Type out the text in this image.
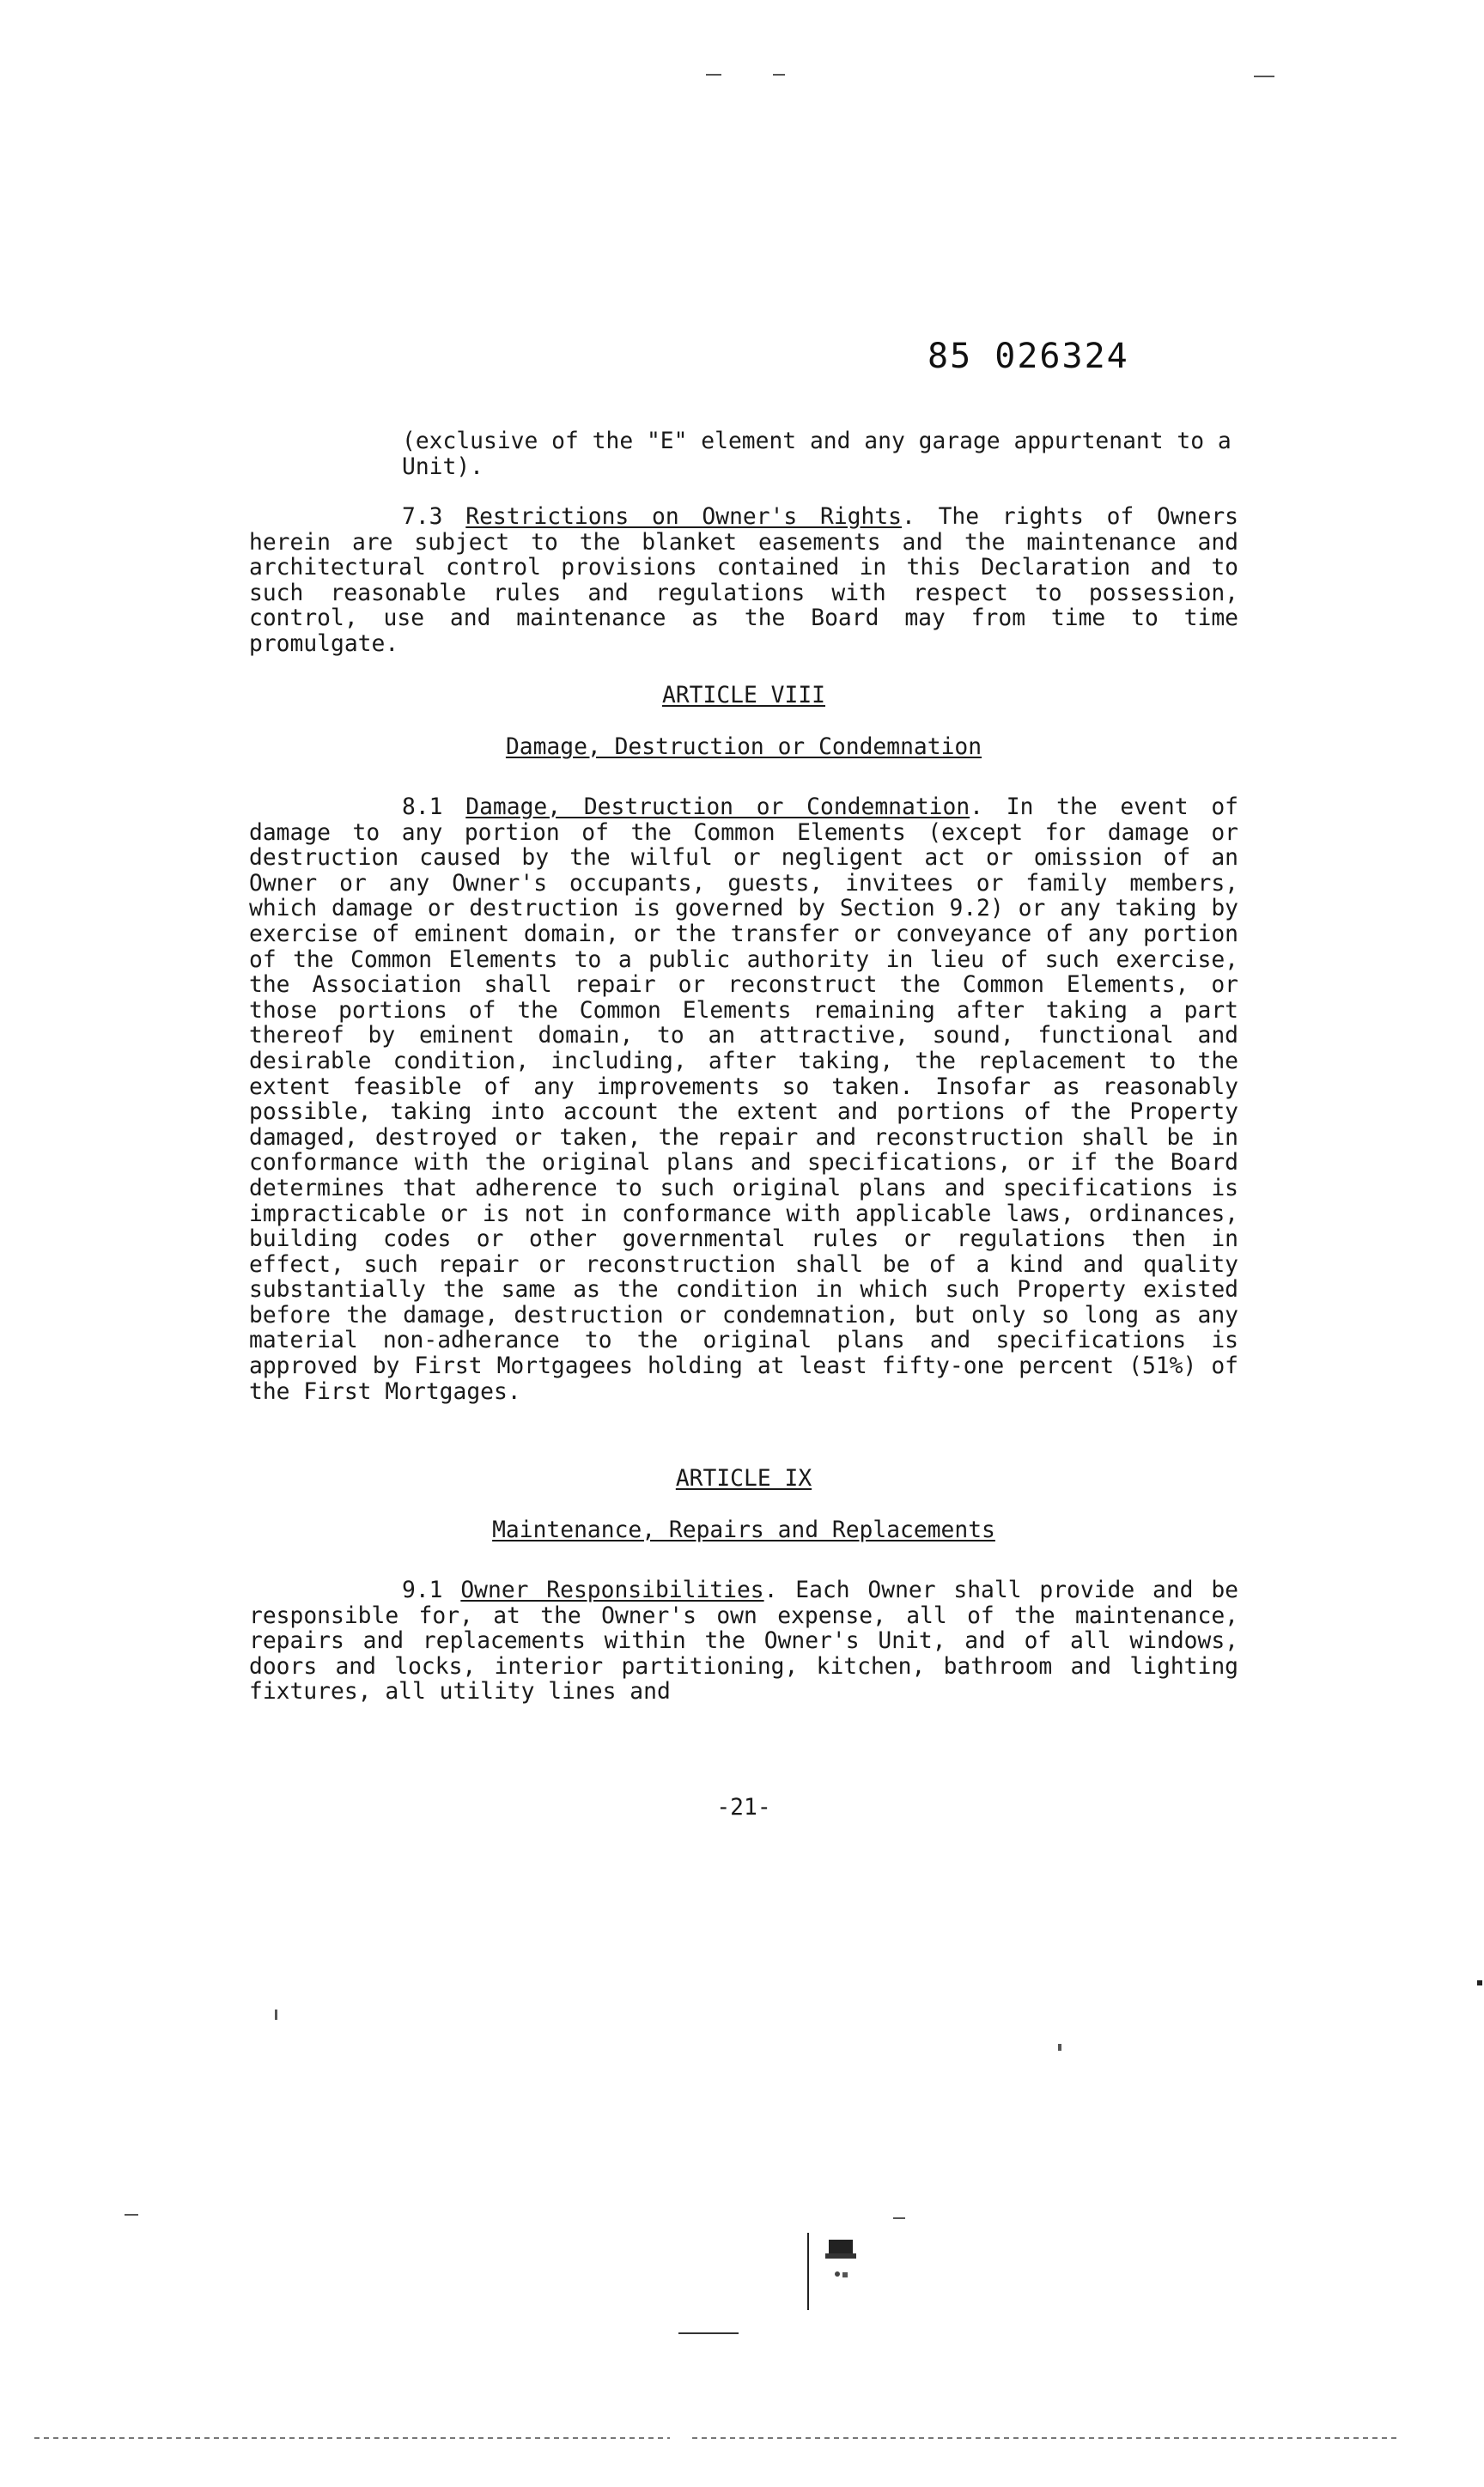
85 026324
(exclusive of the "E" element and any garage appurtenant to a Unit).

7.3 Restrictions on Owner's Rights. The rights of Owners herein are subject to the blanket easements and the maintenance and architectural control provisions contained in this Declaration and to such reasonable rules and regulations with respect to possession, control, use and maintenance as the Board may from time to time promulgate.

ARTICLE VIII
Damage, Destruction or Condemnation

8.1 Damage, Destruction or Condemnation. In the event of damage to any portion of the Common Elements (except for damage or destruction caused by the wilful or negligent act or omission of an Owner or any Owner's occupants, guests, invitees or family members, which damage or destruction is governed by Section 9.2) or any taking by exercise of eminent domain, or the transfer or conveyance of any portion of the Common Elements to a public authority in lieu of such exercise, the Association shall repair or reconstruct the Common Elements, or those portions of the Common Elements remaining after taking a part thereof by eminent domain, to an attractive, sound, functional and desirable condition, including, after taking, the replacement to the extent feasible of any improvements so taken. Insofar as reasonably possible, taking into account the extent and portions of the Property damaged, destroyed or taken, the repair and reconstruction shall be in conformance with the original plans and specifications, or if the Board determines that adherence to such original plans and specifications is impracticable or is not in conformance with applicable laws, ordinances, building codes or other governmental rules or regulations then in effect, such repair or reconstruction shall be of a kind and quality substantially the same as the condition in which such Property existed before the damage, destruction or condemnation, but only so long as any material non-adherance to the original plans and specifications is approved by First Mortgagees holding at least fifty-one percent (51%) of the First Mortgages.

ARTICLE IX
Maintenance, Repairs and Replacements

9.1 Owner Responsibilities. Each Owner shall provide and be responsible for, at the Owner's own expense, all of the maintenance, repairs and replacements within the Owner's Unit, and of all windows, doors and locks, interior partitioning, kitchen, bathroom and lighting fixtures, all utility lines and

-21-
